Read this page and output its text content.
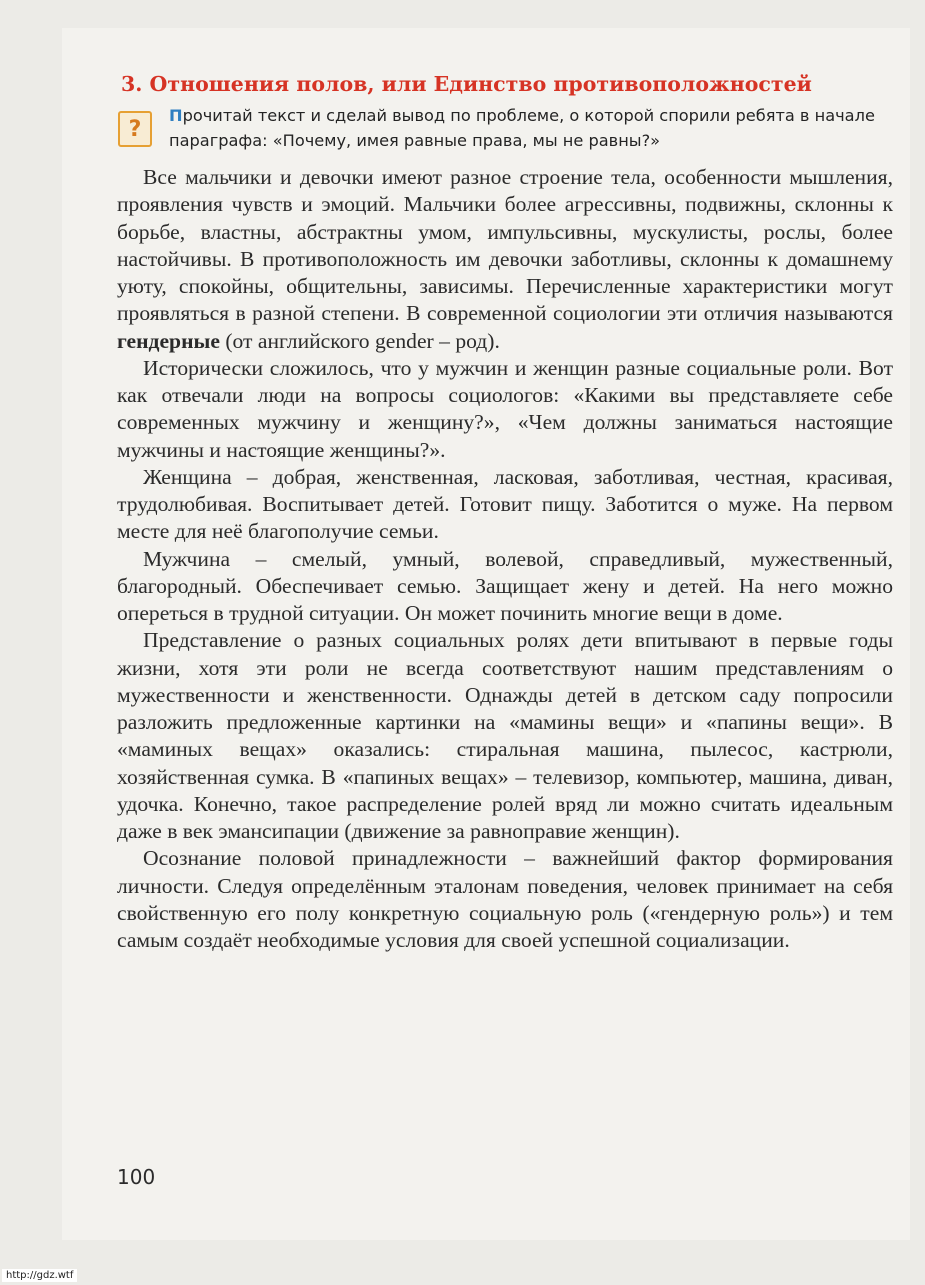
3. Отношения полов, или Единство противоположностей
?

Прочитай текст и сделай вывод по проблеме, о которой спорили ребята в начале параграфа: «Почему, имея равные права, мы не равны?»

Все мальчики и девочки имеют разное строение тела, особенности мышления, проявления чувств и эмоций. Мальчики более агрессивны, подвижны, склонны к борьбе, властны, абстрактны умом, импульсивны, мускулисты, рослы, более настойчивы. В противоположность им девочки заботливы, склонны к домашнему уюту, спокойны, общительны, зависимы. Перечисленные характеристики могут проявляться в разной степени. В современной социологии эти отличия называются гендерные (от английского gender – род).

Исторически сложилось, что у мужчин и женщин разные социальные роли. Вот как отвечали люди на вопросы социологов: «Какими вы представляете себе современных мужчину и женщину?», «Чем должны заниматься настоящие мужчины и настоящие женщины?».

Женщина – добрая, женственная, ласковая, заботливая, честная, красивая, трудолюбивая. Воспитывает детей. Готовит пищу. Заботится о муже. На первом месте для неё благополучие семьи.

Мужчина – смелый, умный, волевой, справедливый, мужественный, благородный. Обеспечивает семью. Защищает жену и детей. На него можно опереться в трудной ситуации. Он может починить многие вещи в доме.

Представление о разных социальных ролях дети впитывают в первые годы жизни, хотя эти роли не всегда соответствуют нашим представлениям о мужественности и женственности. Однажды детей в детском саду попросили разложить предложенные картинки на «мамины вещи» и «папины вещи». В «маминых вещах» оказались: стиральная машина, пылесос, кастрюли, хозяйственная сумка. В «папиных вещах» – телевизор, компьютер, машина, диван, удочка. Конечно, такое распределение ролей вряд ли можно считать идеальным даже в век эмансипации (движение за равноправие женщин).

Осознание половой принадлежности – важнейший фактор формирования личности. Следуя определённым эталонам поведения, человек принимает на себя свойственную его полу конкретную социальную роль («гендерную роль») и тем самым создаёт необходимые условия для своей успешной социализации.

100
http://gdz.wtf
